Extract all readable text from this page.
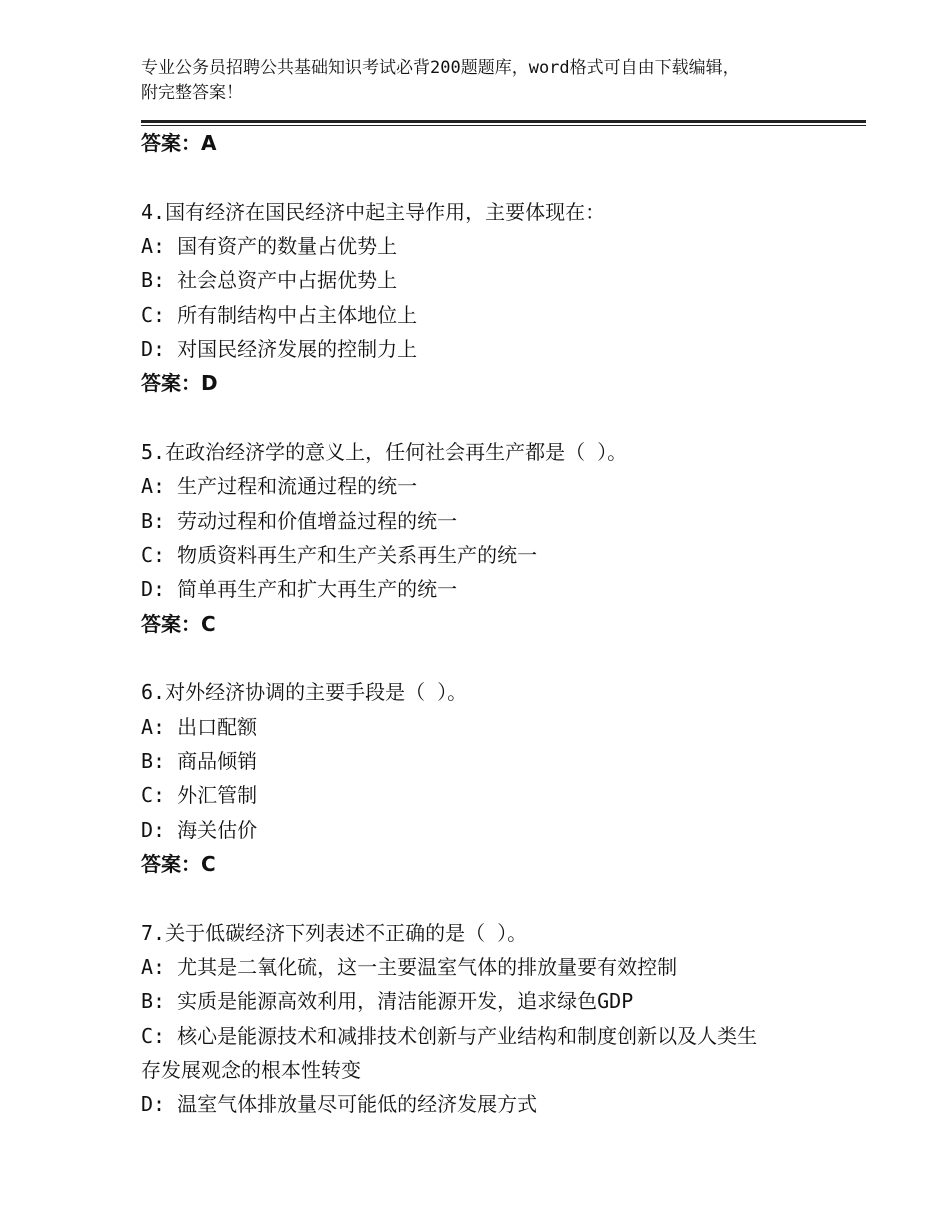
专业公务员招聘公共基础知识考试必背200题题库，word格式可自由下载编辑，
附完整答案！
答案：A
4.国有经济在国民经济中起主导作用，主要体现在：
A: 国有资产的数量占优势上
B: 社会总资产中占据优势上
C: 所有制结构中占主体地位上
D: 对国民经济发展的控制力上
答案：D
5.在政治经济学的意义上，任何社会再生产都是（ ）。
A: 生产过程和流通过程的统一
B: 劳动过程和价值增益过程的统一
C: 物质资料再生产和生产关系再生产的统一
D: 简单再生产和扩大再生产的统一
答案：C
6.对外经济协调的主要手段是（ ）。
A: 出口配额
B: 商品倾销
C: 外汇管制
D: 海关估价
答案：C
7.关于低碳经济下列表述不正确的是（ ）。
A: 尤其是二氧化硫，这一主要温室气体的排放量要有效控制
B: 实质是能源高效利用，清洁能源开发，追求绿色GDP
C: 核心是能源技术和减排技术创新与产业结构和制度创新以及人类生
存发展观念的根本性转变
D: 温室气体排放量尽可能低的经济发展方式
